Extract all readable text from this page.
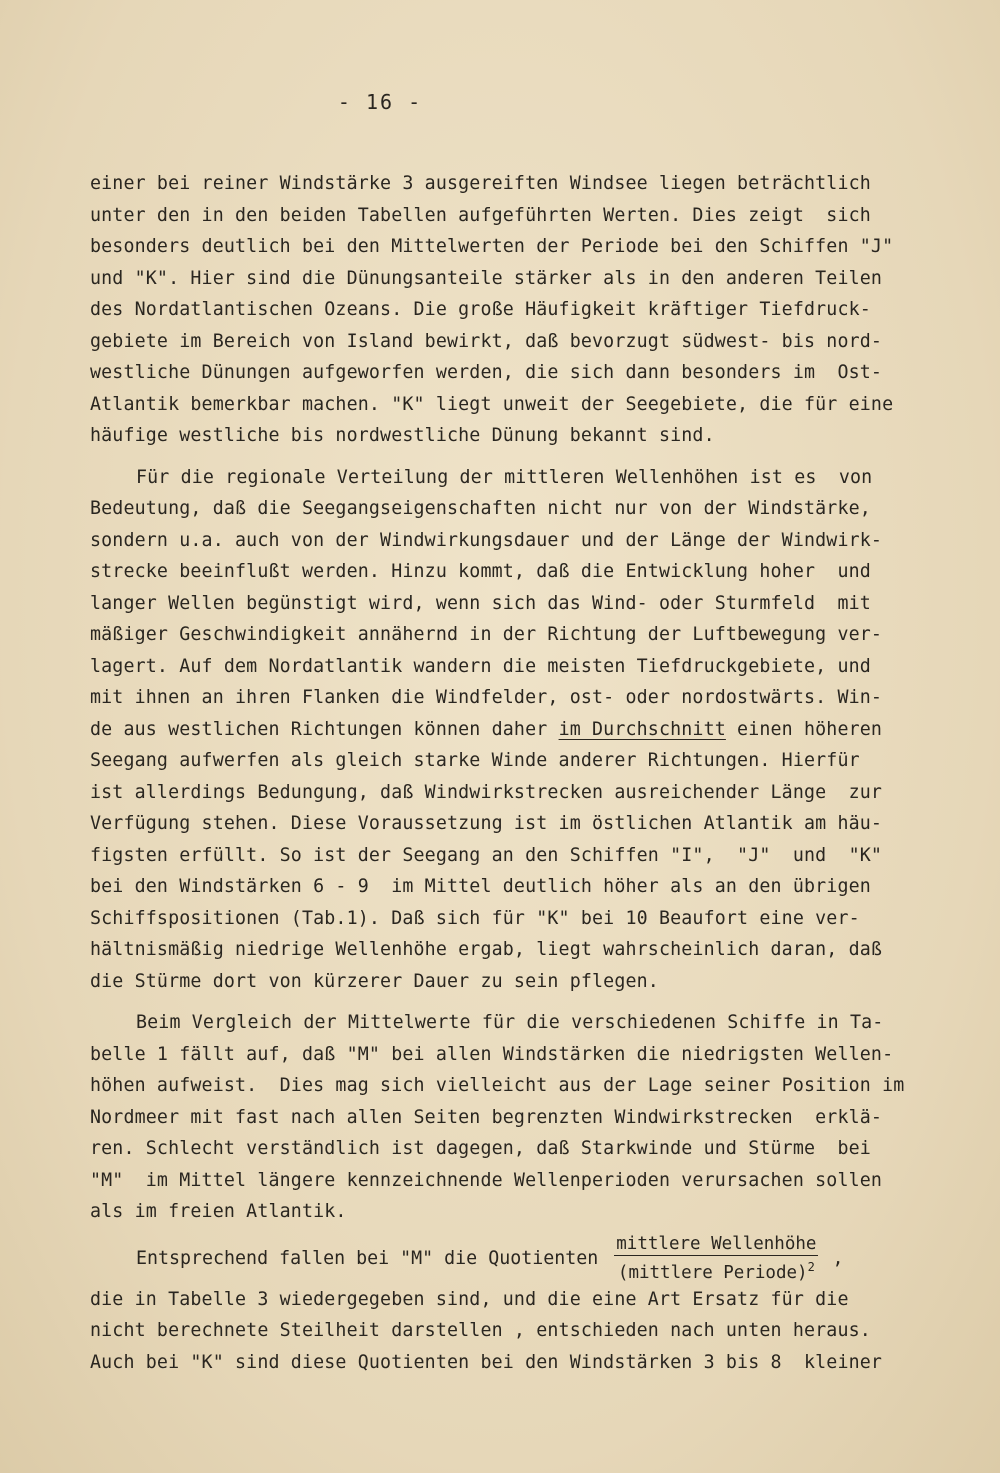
- 16 -
einer bei reiner Windstärke 3 ausgereiften Windsee liegen beträchtlich
unter den in den beiden Tabellen aufgeführten Werten. Dies zeigt  sich
besonders deutlich bei den Mittelwerten der Periode bei den Schiffen "J"
und "K". Hier sind die Dünungsanteile stärker als in den anderen Teilen
des Nordatlantischen Ozeans. Die große Häufigkeit kräftiger Tiefdruck-
gebiete im Bereich von Island bewirkt, daß bevorzugt südwest- bis nord-
westliche Dünungen aufgeworfen werden, die sich dann besonders im  Ost-
Atlantik bemerkbar machen. "K" liegt unweit der Seegebiete, die für eine
häufige westliche bis nordwestliche Dünung bekannt sind.
Für die regionale Verteilung der mittleren Wellenhöhen ist es  von
Bedeutung, daß die Seegangseigenschaften nicht nur von der Windstärke,
sondern u.a. auch von der Windwirkungsdauer und der Länge der Windwirk-
strecke beeinflußt werden. Hinzu kommt, daß die Entwicklung hoher  und
langer Wellen begünstigt wird, wenn sich das Wind- oder Sturmfeld  mit
mäßiger Geschwindigkeit annähernd in der Richtung der Luftbewegung ver-
lagert. Auf dem Nordatlantik wandern die meisten Tiefdruckgebiete, und
mit ihnen an ihren Flanken die Windfelder, ost- oder nordostwärts. Win-
de aus westlichen Richtungen können daher im Durchschnitt einen höheren
Seegang aufwerfen als gleich starke Winde anderer Richtungen. Hierfür
ist allerdings Bedungung, daß Windwirkstrecken ausreichender Länge  zur
Verfügung stehen. Diese Voraussetzung ist im östlichen Atlantik am häu-
figsten erfüllt. So ist der Seegang an den Schiffen "I",  "J"  und  "K"
bei den Windstärken 6 - 9  im Mittel deutlich höher als an den übrigen
Schiffspositionen (Tab.1). Daß sich für "K" bei 10 Beaufort eine ver-
hältnismäßig niedrige Wellenhöhe ergab, liegt wahrscheinlich daran, daß
die Stürme dort von kürzerer Dauer zu sein pflegen.
Beim Vergleich der Mittelwerte für die verschiedenen Schiffe in Ta-
belle 1 fällt auf, daß "M" bei allen Windstärken die niedrigsten Wellen-
höhen aufweist.  Dies mag sich vielleicht aus der Lage seiner Position im
Nordmeer mit fast nach allen Seiten begrenzten Windwirkstrecken  erklä-
ren. Schlecht verständlich ist dagegen, daß Starkwinde und Stürme  bei
"M"  im Mittel längere kennzeichnende Wellenperioden verursachen sollen
als im freien Atlantik.
Entsprechend fallen bei "M" die Quotienten $\frac{\text{mittlere Wellenhöhe}}{(mittlere Periode)^2}$ ,
die in Tabelle 3 wiedergegeben sind, und die eine Art Ersatz für die
nicht berechnete Steilheit darstellen , entschieden nach unten heraus.
Auch bei "K" sind diese Quotienten bei den Windstärken 3 bis 8  kleiner
